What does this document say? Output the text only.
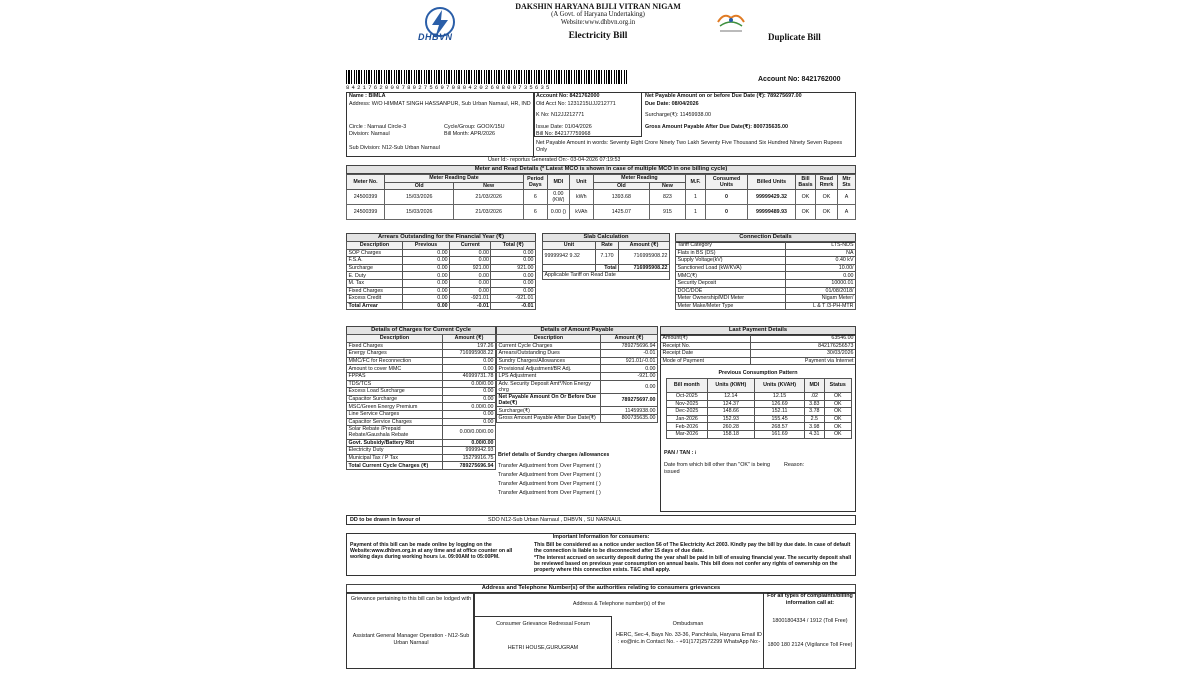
DHBVN
DAKSHIN HARYANA BIJLI VITRAN NIGAM
(A Govt. of Haryana Undertaking)
Website:www.dhbvn.org.in
Electricity Bill	Duplicate Bill
8421762000789275697080420260800735635
Account No: 8421762000
Name : BIMLA
Address: W/O HIMMAT SINGH HASSANPUR, Sub Urban Narnaul, HR, IND
Circle : Narnaul Circle-3
Division: Narnaul
Sub Division: N12-Sub Urban Narnaul
Cycle/Group: GOOX/15U
Bill Month: APR/2026
Account No: 8421762000
Old Acct No: 1231215UJJ212771
K No: N12JJ212771
Issue Date: 01/04/2026
Bill No: 842177759968
Net Payable Amount on or before Due Date (₹): 789275697.00
Due Date: 08/04/2026
Surcharge(₹): 11459938.00
Gross Amount Payable After Due Date(₹): 800735635.00
Net Payable Amount in words: Seventy Eight Crore Ninety Two Lakh Seventy Five Thousand Six Hundred Ninety Seven Rupees Only
User Id:- reportus Generated On:- 03-04-2026 07:19:53
Meter and Read Details (* Latest MCO is shown in case of multiple MCO in one billing cycle)
Meter No.	Meter Reading Date		Period Days	MDI	Unit	Meter Reading		M.F.	Consumed Units	Billed Units	Bill Basis	Read Rmrk	Mtr Sts
	Old	New				Old	New						
24500399	15/03/2026	21/03/2026	6	0.00 (KW)	kWh	1393.68	823	1	0	99999429.32	OK	OK	A
24500399	15/03/2026	21/03/2026	6	0.00 ()	kVAh	1425.07	915	1	0	99999489.93	OK	OK	A
Arrears Outstanding for the Financial Year (₹)
Description	Previous	Current	Total (₹)
SOP Charges	0.00	0.00	0.00
F.S.A.	0.00	0.00	0.00
Surcharge	0.00	921.00	921.00
E. Duty	0.00	0.00	0.00
M. Tax	0.00	0.00	0.00
Fixed Charges	0.00	0.00	0.00
Excess Credit	0.00	-921.01	-921.01
Total Arrear	0.00	-0.01	-0.01
Slab Calculation
Unit	Rate	Amount (₹)
99999942 9.32	7.170	716995908.22
	Total	716995908.22
Applicable Tariff on Read Date		
Connection Details
Tariff Category	LTS-NDS
Flats in BS (DS)	NA
Supply Voltage(kV)	0.40 kV
Sanctioned Load (kW/KVA)	10.00/
MMC(₹)	0.00
Security Deposit	10000.01
DOC/DOE	01/08/2018/
Meter Ownership/MDI Meter	Nigam Meter/
Meter Make/Meter Type	L & T /3-PH-MTR
Details of Charges for Current Cycle
Description	Amount (₹)
Fixed Charges	197.26
Energy Charges	716995908.22
MMC/FC for Reconnection	0.00
Amount to cover MMC	0.00
FPPAS	46999731.78
TDS/TCS	0.00/0.00
Excess Load Surcharge	0.00
Capacitor Surcharge	0.00
MSC/Green Energy Premium	0.00/0.00
Line Service Charges	0.00
Capacitor Service Charges	0.00
Solar Rebate /Prepaid Rebate/Gaushala Rebate	0.00/0.00/0.00
Govt. Subsidy/Battery Rbt	0.00/0.00
Electricity Duty	9999942.93
Municipal Tax / P Tax	15279916.75
Total Current Cycle Charges (₹)	789275696.94
Details of Amount Payable
Description	Amount (₹)
Current Cycle Charges	789275696.94
Arrears/Outstanding Dues	-0.01
Sundry Charges/Allowances	921.01/-0.01
Provisional Adjustment/BR Adj.	0.00
LPS Adjustment	-921.00
Adv. Security Deposit Amt*/Non Energy chrg	0.00
Net Payable Amount On Or Before Due Date(₹)	789275697.00
Surcharge(₹)	11459938.00
Gross Amount Payable After Due Date(₹)	800735635.00
Brief details of Sundry charges /allowances
Transfer Adjustment from Over Payment ( )
Transfer Adjustment from Over Payment ( )
Transfer Adjustment from Over Payment ( )
Transfer Adjustment from Over Payment ( )
Last Payment Details
Amount(₹)	63546.00
Receipt No.	842176256573
Receipt Date	30/03/2026
Mode of Payment	Payment via Internet
Previous Consumption Pattern
Bill month	Units (KWH)	Units (KVAH)	MDI	Status
Oct-2025	12.14	12.15	.02	OK
Nov-2025	124.37	126.69	3.83	OK
Dec-2025	148.66	152.11	3.78	OK
Jan-2026	152.93	155.45	2.5	OK
Feb-2026	260.28	268.57	3.98	OK
Mar-2026	158.18	161.69	4.31	OK
PAN / TAN : /
Date from which bill other than "OK" is being issued
Reason:
DD to be drawn in favour of	SDO N12-Sub Urban Narnaul , DHBVN , SU NARNAUL
Important Information for consumers:
Payment of this bill can be made online by logging on the Website:www.dhbvn.org.in at any time and at office counter on all working days during working hours i.e. 09:00AM to 05:00PM.
This Bill be considered as a notice under section 56 of The Electricity Act 2003. Kindly pay the bill by due date. In case of default the connection is liable to be disconnected after 15 days of due date.
*The interest accrued on security deposit during the year shall be paid in bill of ensuing financial year. The security deposit shall be reviewed based on previous year consumption on annual basis. This bill does not confer any rights of ownership on the property where this connection exists. T&C shall apply.
Address and Telephone Number(s) of the authorities relating to consumers grievances
Grievance pertaining to this bill can be lodged with
Address & Telephone number(s) of the
For all types of complaints/billing information call at:
18001804334 / 1912 (Toll Free)
Consumer Grievance Redressal Forum	Ombudsman
Assistant General Manager Operation - N12-Sub Urban Narnaul
HETRI HOUSE,GURUGRAM
HERC, Sec-4, Bays No. 33-36, Panchkula, Haryana Email ID : eo@nic.in Contact No. - +91(172)2572299 WhatsApp No:-
1800 180 2124 (Vigilance Toll Free)
